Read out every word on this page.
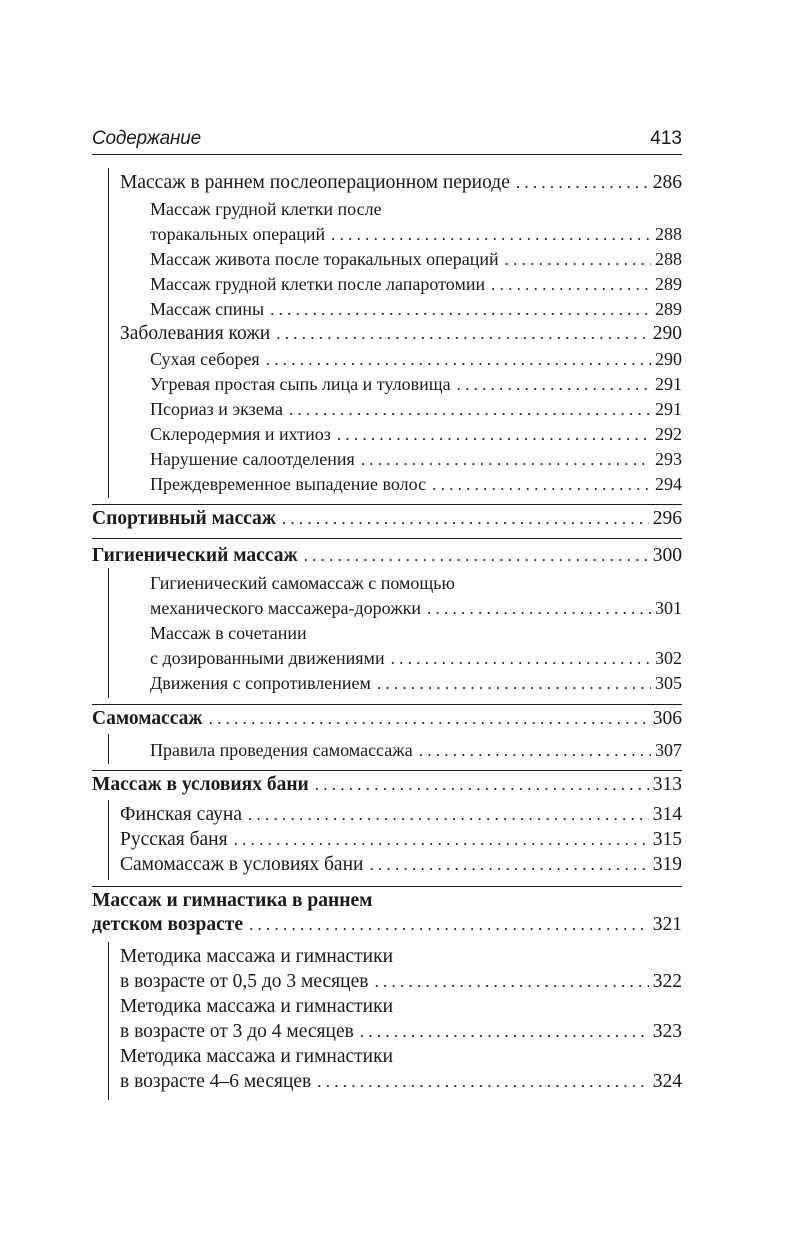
Содержание	413
Массаж в раннем послеоперационном периоде . . .	286
Массаж грудной клетки после
торакальных операций . . .	288
Массаж живота после торакальных операций . . .	288
Массаж грудной клетки после лапаротомии . . .	289
Массаж спины . . .	289
Заболевания кожи . . .	290
Сухая себорея . . .	290
Угревая простая сыпь лица и туловища . . .	291
Псориаз и экзема . . .	291
Склеродермия и ихтиоз . . .	292
Нарушение салоотделения . . .	293
Преждевременное выпадение волос . . .	294
Спортивный массаж . . .	296
Гигиенический массаж . . .	300
Гигиенический самомассаж с помощью
механического массажера-дорожки . . .	301
Массаж в сочетании
с дозированными движениями . . .	302
Движения с сопротивлением . . .	305
Самомассаж . . .	306
Правила проведения самомассажа . . .	307
Массаж в условиях бани . . .	313
Финская сауна . . .	314
Русская баня . . .	315
Самомассаж в условиях бани . . .	319
Массаж и гимнастика в раннем
детском возрасте . . .	321
Методика массажа и гимнастики
в возрасте от 0,5 до 3 месяцев . . .	322
Методика массажа и гимнастики
в возрасте от 3 до 4 месяцев . . .	323
Методика массажа и гимнастики
в возрасте 4–6 месяцев . . .	324
